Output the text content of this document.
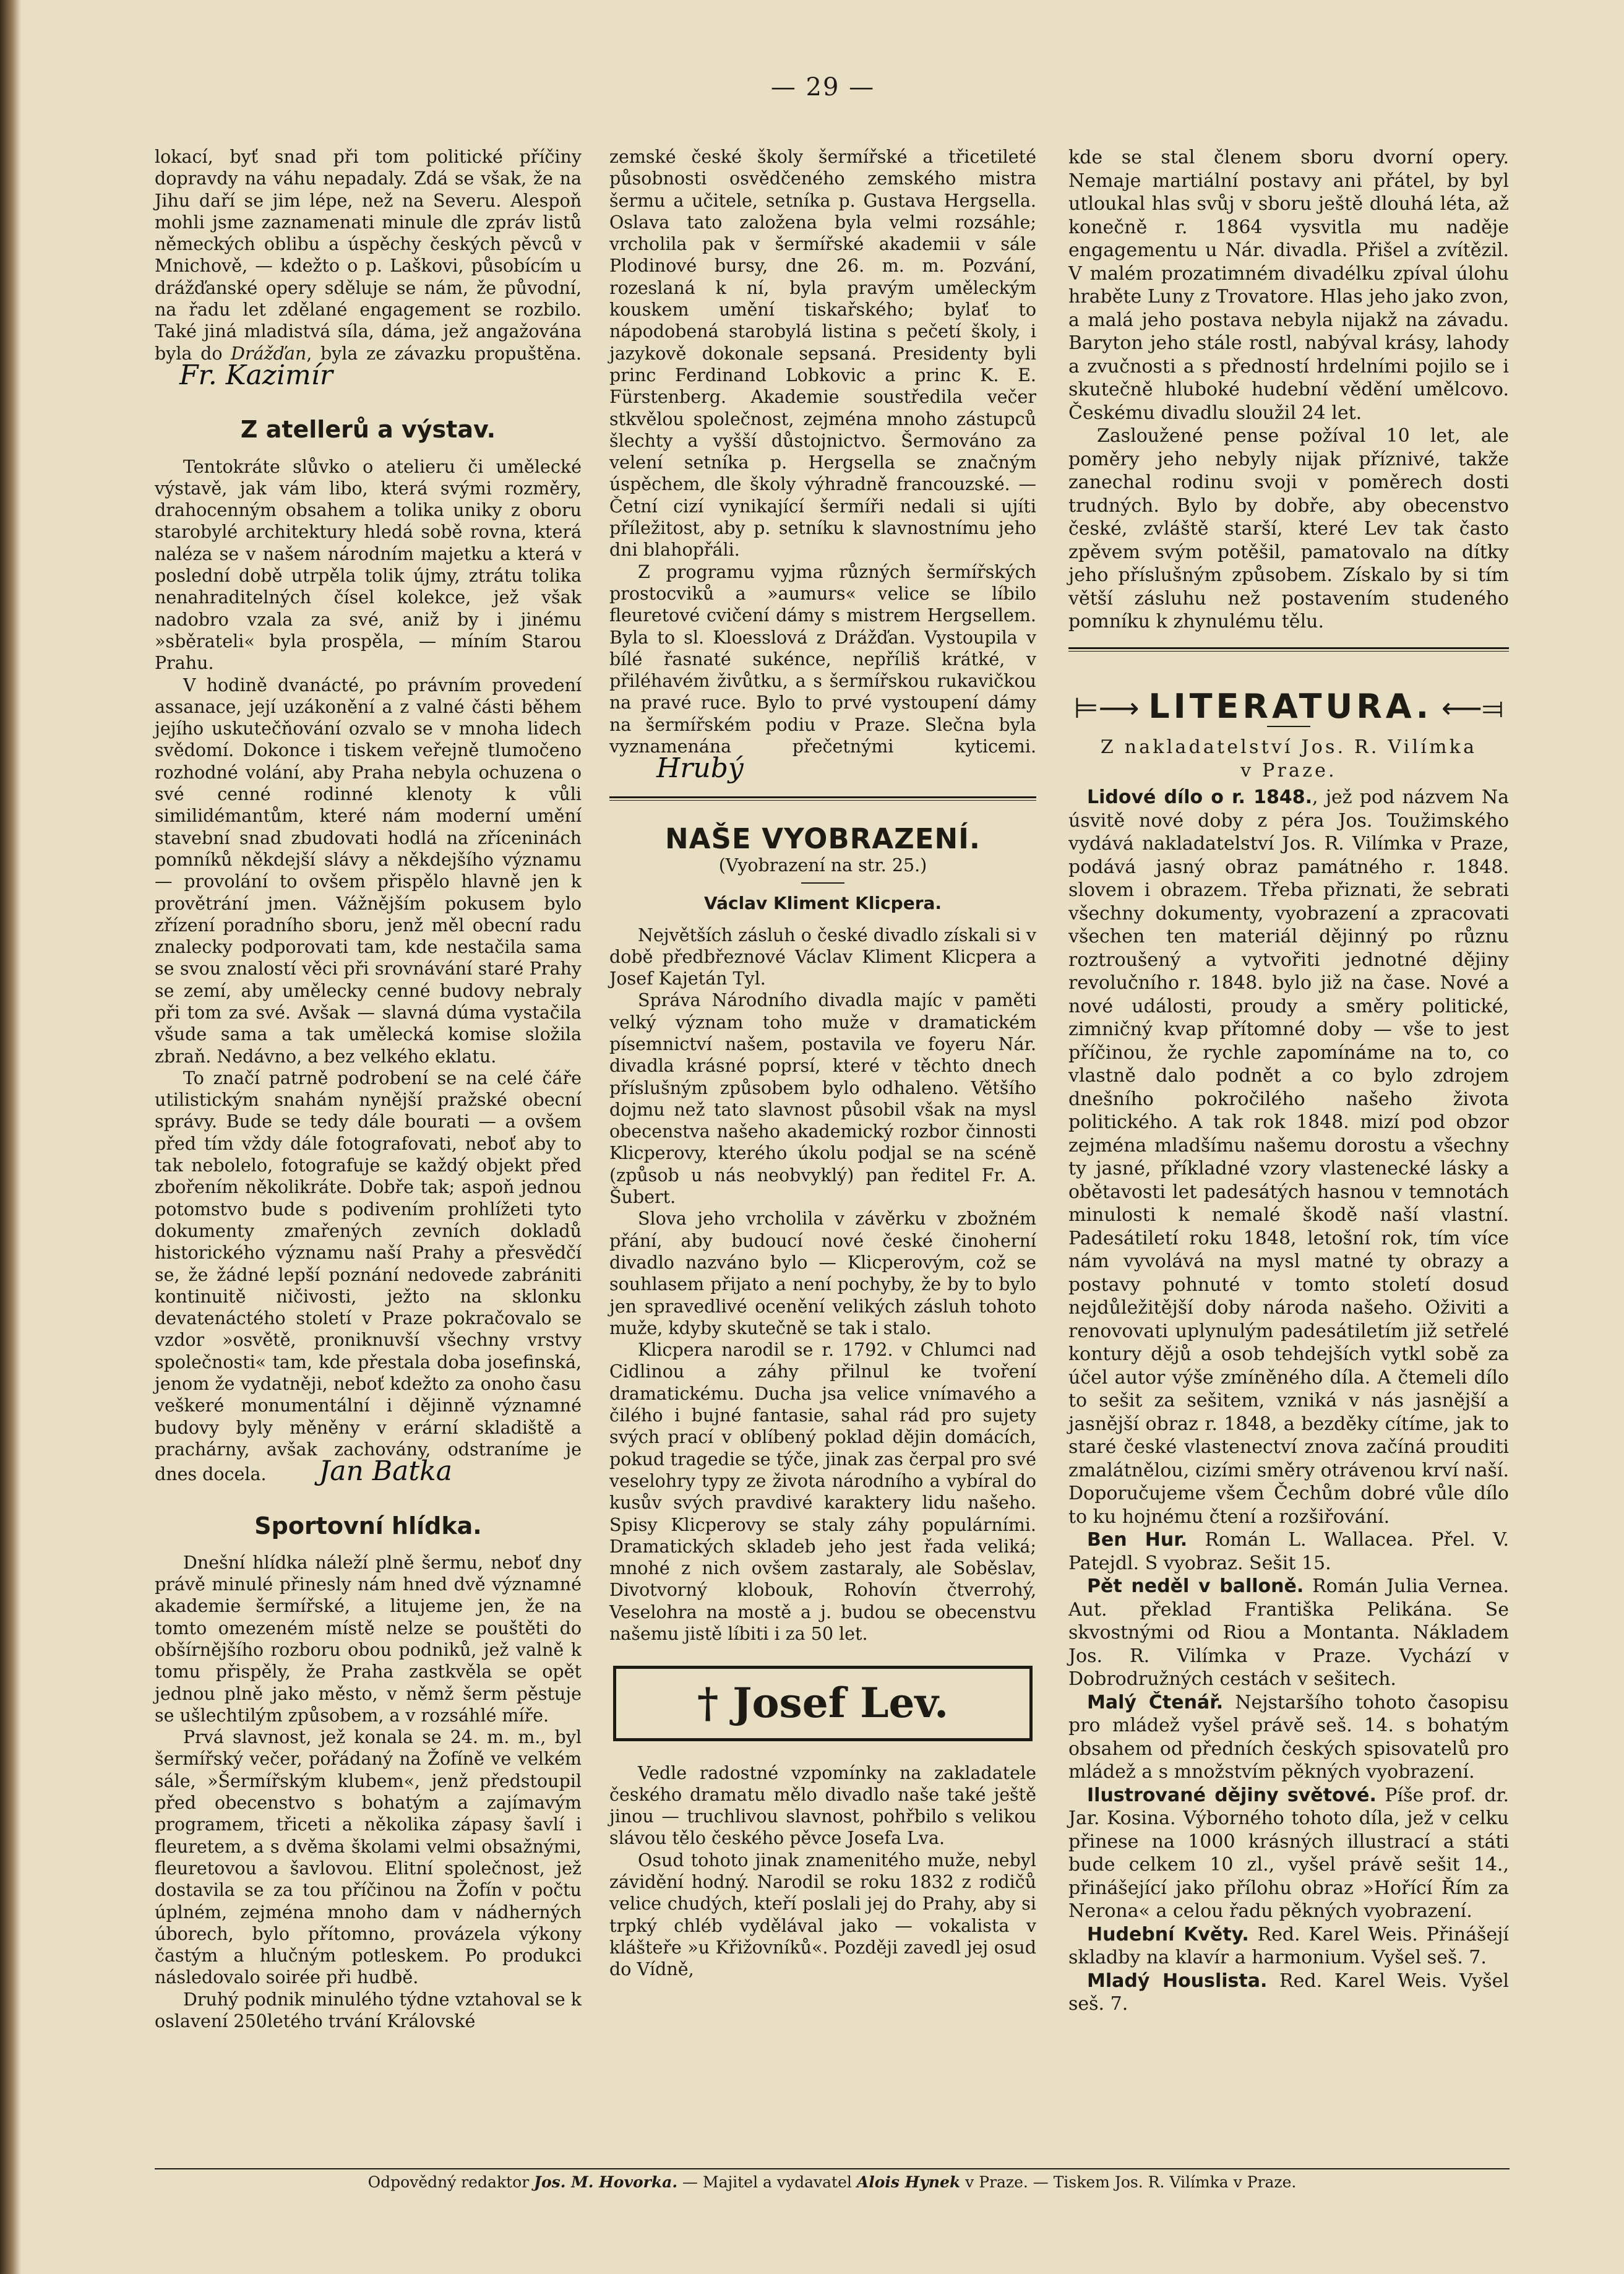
— 29 —

lokací, byť snad při tom politické příčiny dopravdy na váhu nepadaly. Zdá se však, že na Jihu daří se jim lépe, než na Severu. Alespoň mohli jsme zaznamenati minule dle zpráv listů německých oblibu a úspěchy českých pěvců v Mnichově, — kdežto o p. Laškovi, působícím u drážďanské opery sděluje se nám, že původní, na řadu let zdělané engagement se rozbilo. Také jiná mladistvá síla, dáma, jež angažována byla do Drážďan, byla ze závazku propuštěna. Fr. Kazimír

Z atellerů a výstav.

Tentokráte slůvko o atelieru či umělecké výstavě, jak vám libo, která svými rozměry, drahocenným obsahem a tolika uniky z oboru starobylé architektury hledá sobě rovna, která naléza se v našem národním majetku a která v poslední době utrpěla tolik újmy, ztrátu tolika nenahraditelných čísel kolekce, jež však nadobro vzala za své, aniž by i jinému »sběrateli« byla prospěla, — míním Starou Prahu.

V hodině dvanácté, po právním provedení assanace, její uzákonění a z valné části během jejího uskutečňování ozvalo se v mnoha lidech svědomí. Dokonce i tiskem veřejně tlumočeno rozhodné volání, aby Praha nebyla ochuzena o své cenné rodinné klenoty k vůli similidémantům, které nám moderní umění stavební snad zbudovati hodlá na zříceninách pomníků někdejší slávy a někdejšího významu — provolání to ovšem přispělo hlavně jen k provětrání jmen. Vážnějším pokusem bylo zřízení poradního sboru, jenž měl obecní radu znalecky podporovati tam, kde nestačila sama se svou znalostí věci při srovnávání staré Prahy se zemí, aby umělecky cenné budovy nebraly při tom za své. Avšak — slavná dúma vystačila všude sama a tak umělecká komise složila zbraň. Nedávno, a bez velkého eklatu.

To značí patrně podrobení se na celé čáře utilistickým snahám nynější pražské obecní správy. Bude se tedy dále bourati — a ovšem před tím vždy dále fotografovati, neboť aby to tak nebolelo, fotografuje se každý objekt před zbořením několikráte. Dobře tak; aspoň jednou potomstvo bude s podivením prohlížeti tyto dokumenty zmařených zevních dokladů historického významu naší Prahy a přesvědčí se, že žádné lepší poznání nedovede zabrániti kontinuitě ničivosti, ježto na sklonku devatenáctého století v Praze pokračovalo se vzdor »osvětě, proniknuvší všechny vrstvy společnosti« tam, kde přestala doba josefinská, jenom že vydatněji, neboť kdežto za onoho času veškeré monumentální i dějinně významné budovy byly měněny v erární skladiště a prachárny, avšak zachovány, odstraníme je dnes docela. Jan Batka

Sportovní hlídka.

Dnešní hlídka náleží plně šermu, neboť dny právě minulé přinesly nám hned dvě významné akademie šermířské, a litujeme jen, že na tomto omezeném místě nelze se pouštěti do obšírnějšího rozboru obou podniků, jež valně k tomu přispěly, že Praha zastkvěla se opět jednou plně jako město, v němž šerm pěstuje se ušlechtilým způsobem, a v rozsáhlé míře.

Prvá slavnost, jež konala se 24. m. m., byl šermířský večer, pořádaný na Žofíně ve velkém sále, »Šermířským klubem«, jenž předstoupil před obecenstvo s bohatým a zajímavým programem, třiceti a několika zápasy šavlí i fleuretem, a s dvěma školami velmi obsažnými, fleuretovou a šavlovou. Elitní společnost, jež dostavila se za tou příčinou na Žofín v počtu úplném, zejména mnoho dam v nádherných úborech, bylo přítomno, provázela výkony častým a hlučným potleskem. Po produkci následovalo soirée při hudbě.

Druhý podnik minulého týdne vztahoval se k oslavení 250letého trvání Královské

zemské české školy šermířské a třicetileté působnosti osvědčeného zemského mistra šermu a učitele, setníka p. Gustava Hergsella. Oslava tato založena byla velmi rozsáhle; vrcholila pak v šermířské akademii v sále Plodinové bursy, dne 26. m. m. Pozvání, rozeslaná k ní, byla pravým uměleckým kouskem umění tiskařského; bylať to nápodobená starobylá listina s pečetí školy, i jazykově dokonale sepsaná. Presidenty byli princ Ferdinand Lobkovic a princ K. E. Fürstenberg. Akademie soustředila večer stkvělou společnost, zejména mnoho zástupců šlechty a vyšší důstojnictvo. Šermováno za velení setníka p. Hergsella se značným úspěchem, dle školy výhradně francouzské. — Četní cizí vynikající šermíři nedali si ujíti příležitost, aby p. setníku k slavnostnímu jeho dni blahopřáli.

Z programu vyjma různých šermířských prostocviků a »aumurs« velice se líbilo fleuretové cvičení dámy s mistrem Hergsellem. Byla to sl. Kloesslová z Drážďan. Vystoupila v bílé řasnaté sukénce, nepříliš krátké, v přiléhavém živůtku, a s šermířskou rukavičkou na pravé ruce. Bylo to prvé vystoupení dámy na šermířském podiu v Praze. Slečna byla vyznamenána přečetnými kyticemi. Hrubý

NAŠE VYOBRAZENÍ.

(Vyobrazení na str. 25.)

Václav Kliment Klicpera.

Největších zásluh o české divadlo získali si v době předbřeznové Václav Kliment Klicpera a Josef Kajetán Tyl.

Správa Národního divadla majíc v paměti velký význam toho muže v dramatickém písemnictví našem, postavila ve foyeru Nár. divadla krásné poprsí, které v těchto dnech příslušným způsobem bylo odhaleno. Většího dojmu než tato slavnost působil však na mysl obecenstva našeho akademický rozbor činnosti Klicperovy, kterého úkolu podjal se na scéně (způsob u nás neobvyklý) pan ředitel Fr. A. Šubert.

Slova jeho vrcholila v závěrku v zbožném přání, aby budoucí nové české činoherní divadlo nazváno bylo — Klicperovým, což se souhlasem přijato a není pochyby, že by to bylo jen spravedlivé ocenění velikých zásluh tohoto muže, kdyby skutečně se tak i stalo.

Klicpera narodil se r. 1792. v Chlumci nad Cidlinou a záhy přilnul ke tvoření dramatickému. Ducha jsa velice vnímavého a čilého i bujné fantasie, sahal rád pro sujety svých prací v oblíbený poklad dějin domácích, pokud tragedie se týče, jinak zas čerpal pro své veselohry typy ze života národního a vybíral do kusův svých pravdivé karaktery lidu našeho. Spisy Klicperovy se staly záhy populárními. Dramatických skladeb jeho jest řada veliká; mnohé z nich ovšem zastaraly, ale Soběslav, Divotvorný klobouk, Rohovín čtverrohý, Veselohra na mostě a j. budou se obecenstvu našemu jistě líbiti i za 50 let.

† Josef Lev.

Vedle radostné vzpomínky na zakladatele českého dramatu mělo divadlo naše také ještě jinou — truchlivou slavnost, pohřbilo s velikou slávou tělo českého pěvce Josefa Lva.

Osud tohoto jinak znamenitého muže, nebyl závidění hodný. Narodil se roku 1832 z rodičů velice chudých, kteří poslali jej do Prahy, aby si trpký chléb vydělával jako — vokalista v klášteře »u Křižovníků«. Později zavedl jej osud do Vídně,

kde se stal členem sboru dvorní opery. Nemaje martiální postavy ani přátel, by byl utloukal hlas svůj v sboru ještě dlouhá léta, až konečně r. 1864 vysvitla mu naděje engagementu u Nár. divadla. Přišel a zvítězil. V malém prozatimném divadélku zpíval úlohu hraběte Luny z Trovatore. Hlas jeho jako zvon, a malá jeho postava nebyla nijakž na závadu. Baryton jeho stále rostl, nabýval krásy, lahody a zvučnosti a s předností hrdelními pojilo se i skutečně hluboké hudební vědění umělcovo. Českému divadlu sloužil 24 let.

Zasloužené pense požíval 10 let, ale poměry jeho nebyly nijak příznivé, takže zanechal rodinu svoji v poměrech dosti trudných. Bylo by dobře, aby obecenstvo české, zvláště starší, které Lev tak často zpěvem svým potěšil, pamatovalo na dítky jeho příslušným způsobem. Získalo by si tím větší zásluhu než postavením studeného pomníku k zhynulému tělu.

⊨⟶ LITERATURA. ⟵⫤

Z nakladatelství Jos. R. Vilímka

v Praze.

Lidové dílo o r. 1848., jež pod názvem Na úsvitě nové doby z péra Jos. Toužimského vydává nakladatelství Jos. R. Vilímka v Praze, podává jasný obraz památného r. 1848. slovem i obrazem. Třeba přiznati, že sebrati všechny dokumenty, vyobrazení a zpracovati všechen ten materiál dějinný po různu roztroušený a vytvořiti jednotné dějiny revolučního r. 1848. bylo již na čase. Nové a nové události, proudy a směry politické, zimničný kvap přítomné doby — vše to jest příčinou, že rychle zapomínáme na to, co vlastně dalo podnět a co bylo zdrojem dnešního pokročilého našeho života politického. A tak rok 1848. mizí pod obzor zejména mladšímu našemu dorostu a všechny ty jasné, příkladné vzory vlastenecké lásky a obětavosti let padesátých hasnou v temnotách minulosti k nemalé škodě naší vlastní. Padesátiletí roku 1848, letošní rok, tím více nám vyvolává na mysl matné ty obrazy a postavy pohnuté v tomto století dosud nejdůležitější doby národa našeho. Oživiti a renovovati uplynulým padesátiletím již setřelé kontury dějů a osob tehdejších vytkl sobě za účel autor výše zmíněného díla. A čtemeli dílo to sešit za sešitem, vzniká v nás jasnější a jasnější obraz r. 1848, a bezděky cítíme, jak to staré české vlastenectví znova začíná prouditi zmalátnělou, cizími směry otrávenou krví naší. Doporučujeme všem Čechům dobré vůle dílo to ku hojnému čtení a rozšiřování.

Ben Hur. Román L. Wallacea. Přel. V. Patejdl. S vyobraz. Sešit 15.

Pět neděl v balloně. Román Julia Vernea. Aut. překlad Františka Pelikána. Se skvostnými od Riou a Montanta. Nákladem Jos. R. Vilímka v Praze. Vychází v Dobrodružných cestách v sešitech.

Malý Čtenář. Nejstaršího tohoto časopisu pro mládež vyšel právě seš. 14. s bohatým obsahem od předních českých spisovatelů pro mládež a s množstvím pěkných vyobrazení.

Ilustrované dějiny světové. Píše prof. dr. Jar. Kosina. Výborného tohoto díla, jež v celku přinese na 1000 krásných illustrací a státi bude celkem 10 zl., vyšel právě sešit 14., přinášející jako přílohu obraz »Hořící Řím za Nerona« a celou řadu pěkných vyobrazení.

Hudební Květy. Red. Karel Weis. Přinášejí skladby na klavír a harmonium. Vyšel seš. 7.

Mladý Houslista. Red. Karel Weis. Vyšel seš. 7.

Odpovědný redaktor Jos. M. Hovorka. — Majitel a vydavatel Alois Hynek v Praze. — Tiskem Jos. R. Vilímka v Praze.
